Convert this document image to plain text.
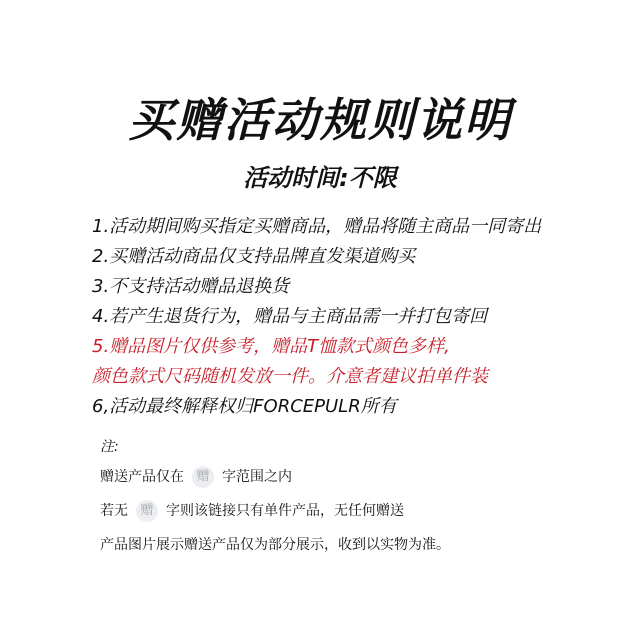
买赠活动规则说明
活动时间:不限
1.活动期间购买指定买赠商品，赠品将随主商品一同寄出
2.买赠活动商品仅支持品牌直发渠道购买
3.不支持活动赠品退换货
4.若产生退货行为，赠品与主商品需一并打包寄回
5.赠品图片仅供参考，赠品T恤款式颜色多样,
颜色款式尺码随机发放一件。介意者建议拍单件装
6,活动最终解释权归FORCEPULR所有
注:
赠送产品仅在 赠 字范围之内
若无 赠 字则该链接只有单件产品，无任何赠送
产品图片展示赠送产品仅为部分展示，收到以实物为准。
